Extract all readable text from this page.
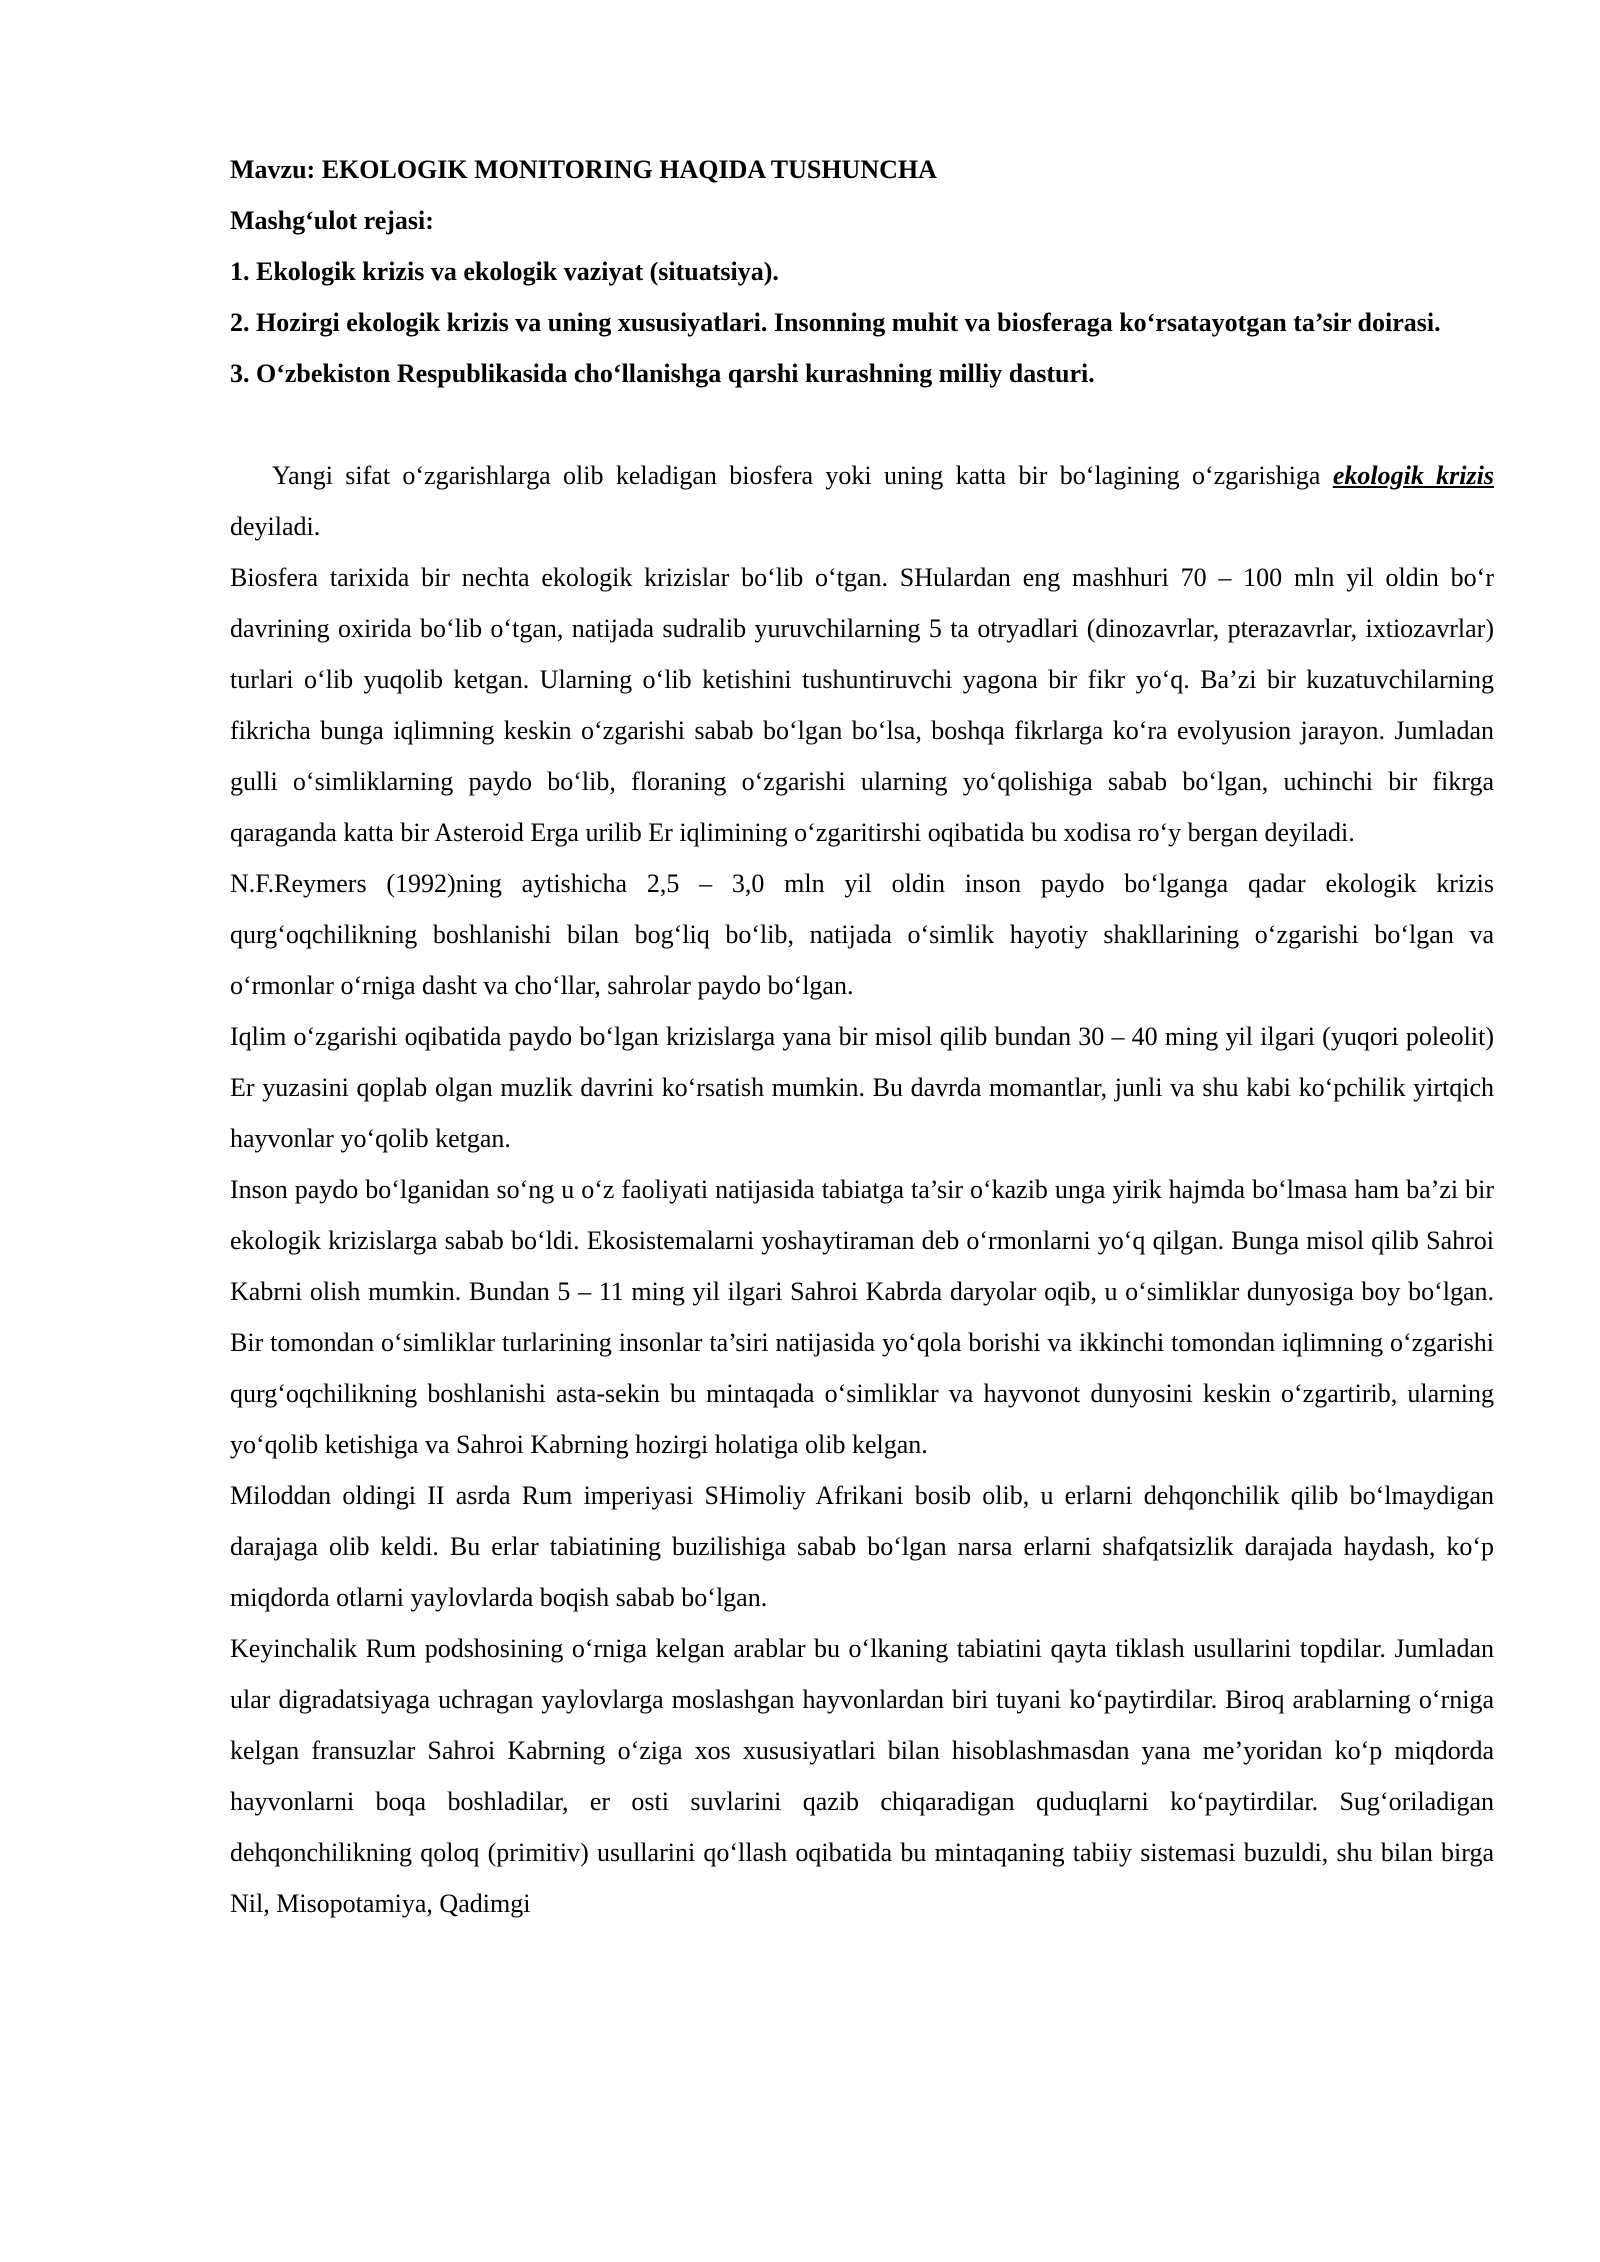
Mavzu: EKOLOGIK MONITORING HAQIDA TUSHUNCHA

Mashg‘ulot rejasi:

1. Ekologik krizis va ekologik vaziyat (situatsiya).

2. Hozirgi ekologik krizis va uning xususiyatlari. Insonning muhit va biosferaga ko‘rsatayotgan ta’sir doirasi.

3. O‘zbekiston Respublikasida cho‘llanishga qarshi kurashning milliy dasturi.

Yangi sifat o‘zgarishlarga olib keladigan biosfera yoki uning katta bir bo‘lagining o‘zgarishiga ekologik krizis deyiladi.

Biosfera tarixida bir nechta ekologik krizislar bo‘lib o‘tgan. SHulardan eng mashhuri 70 – 100 mln yil oldin bo‘r davrining oxirida bo‘lib o‘tgan, natijada sudralib yuruvchilarning 5 ta otryadlari (dinozavrlar, pterazavrlar, ixtiozavrlar) turlari o‘lib yuqolib ketgan. Ularning o‘lib ketishini tushuntiruvchi yagona bir fikr yo‘q. Ba’zi bir kuzatuvchilarning fikricha bunga iqlimning keskin o‘zgarishi sabab bo‘lgan bo‘lsa, boshqa fikrlarga ko‘ra evolyusion jarayon. Jumladan gulli o‘simliklarning paydo bo‘lib, floraning o‘zgarishi ularning yo‘qolishiga sabab bo‘lgan, uchinchi bir fikrga qaraganda katta bir Asteroid Erga urilib Er iqlimining o‘zgaritirshi oqibatida bu xodisa ro‘y bergan deyiladi.

N.F.Reymers (1992)ning aytishicha 2,5 – 3,0 mln yil oldin inson paydo bo‘lganga qadar ekologik krizis qurg‘oqchilikning boshlanishi bilan bog‘liq bo‘lib, natijada o‘simlik hayotiy shakllarining o‘zgarishi bo‘lgan va o‘rmonlar o‘rniga dasht va cho‘llar, sahrolar paydo bo‘lgan.

Iqlim o‘zgarishi oqibatida paydo bo‘lgan krizislarga yana bir misol qilib bundan 30 – 40 ming yil ilgari (yuqori poleolit) Er yuzasini qoplab olgan muzlik davrini ko‘rsatish mumkin. Bu davrda momantlar, junli va shu kabi ko‘pchilik yirtqich hayvonlar yo‘qolib ketgan.

Inson paydo bo‘lganidan so‘ng u o‘z faoliyati natijasida tabiatga ta’sir o‘kazib unga yirik hajmda bo‘lmasa ham ba’zi bir ekologik krizislarga sabab bo‘ldi. Ekosistemalarni yoshaytiraman deb o‘rmonlarni yo‘q qilgan. Bunga misol qilib Sahroi Kabrni olish mumkin. Bundan 5 – 11 ming yil ilgari Sahroi Kabrda daryolar oqib, u o‘simliklar dunyosiga boy bo‘lgan. Bir tomondan o‘simliklar turlarining insonlar ta’siri natijasida yo‘qola borishi va ikkinchi tomondan iqlimning o‘zgarishi qurg‘oqchilikning boshlanishi asta-sekin bu mintaqada o‘simliklar va hayvonot dunyosini keskin o‘zgartirib, ularning yo‘qolib ketishiga va Sahroi Kabrning hozirgi holatiga olib kelgan.

Miloddan oldingi II asrda Rum imperiyasi SHimoliy Afrikani bosib olib, u erlarni dehqonchilik qilib bo‘lmaydigan darajaga olib keldi. Bu erlar tabiatining buzilishiga sabab bo‘lgan narsa erlarni shafqatsizlik darajada haydash, ko‘p miqdorda otlarni yaylovlarda boqish sabab bo‘lgan.

Keyinchalik Rum podshosining o‘rniga kelgan arablar bu o‘lkaning tabiatini qayta tiklash usullarini topdilar. Jumladan ular digradatsiyaga uchragan yaylovlarga moslashgan hayvonlardan biri tuyani ko‘paytirdilar. Biroq arablarning o‘rniga kelgan fransuzlar Sahroi Kabrning o‘ziga xos xususiyatlari bilan hisoblashmasdan yana me’yoridan ko‘p miqdorda hayvonlarni boqa boshladilar, er osti suvlarini qazib chiqaradigan quduqlarni ko‘paytirdilar. Sug‘oriladigan dehqonchilikning qoloq (primitiv) usullarini qo‘llash oqibatida bu mintaqaning tabiiy sistemasi buzuldi, shu bilan birga Nil, Misopotamiya, Qadimgi
